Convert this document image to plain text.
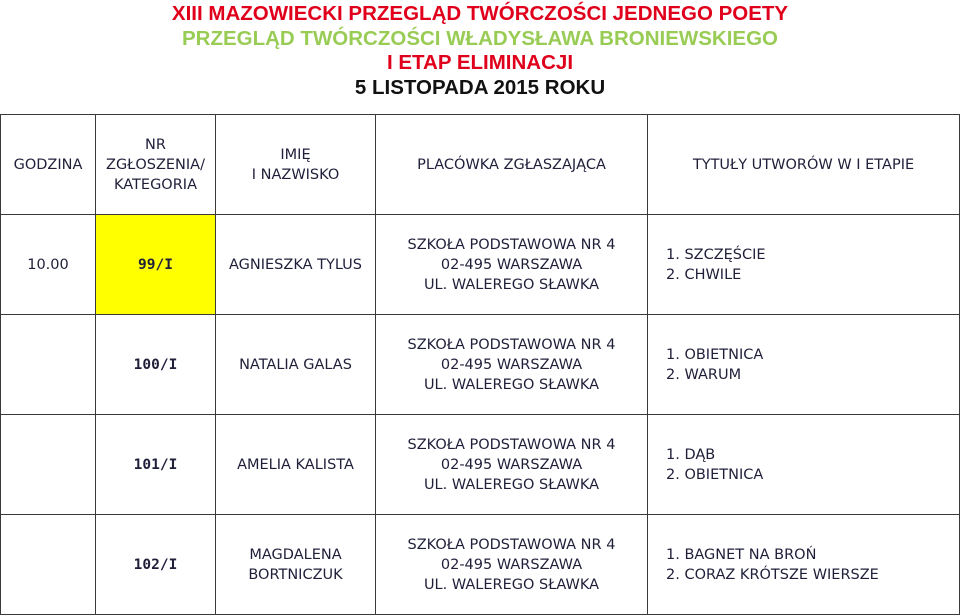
XIII MAZOWIECKI PRZEGLĄD TWÓRCZOŚCI JEDNEGO POETY
PRZEGLĄD TWÓRCZOŚCI WŁADYSŁAWA BRONIEWSKIEGO
I ETAP ELIMINACJI
5 LISTOPADA 2015 ROKU
GODZINA	NR
ZGŁOSZENIA/
KATEGORIA	IMIĘ
I NAZWISKO	PLACÓWKA ZGŁASZAJĄCA	TYTUŁY UTWORÓW W I ETAPIE
10.00	99/I	AGNIESZKA TYLUS	SZKOŁA PODSTAWOWA NR 4
02-495 WARSZAWA
UL. WALEREGO SŁAWKA	1. SZCZĘŚCIE
2. CHWILE

	100/I	NATALIA GALAS	SZKOŁA PODSTAWOWA NR 4
02-495 WARSZAWA
UL. WALEREGO SŁAWKA	1. OBIETNICA
2. WARUM

	101/I	AMELIA KALISTA	SZKOŁA PODSTAWOWA NR 4
02-495 WARSZAWA
UL. WALEREGO SŁAWKA	1. DĄB
2. OBIETNICA

	102/I	MAGDALENA
BORTNICZUK	SZKOŁA PODSTAWOWA NR 4
02-495 WARSZAWA
UL. WALEREGO SŁAWKA	1. BAGNET NA BROŃ
2. CORAZ KRÓTSZE WIERSZE
